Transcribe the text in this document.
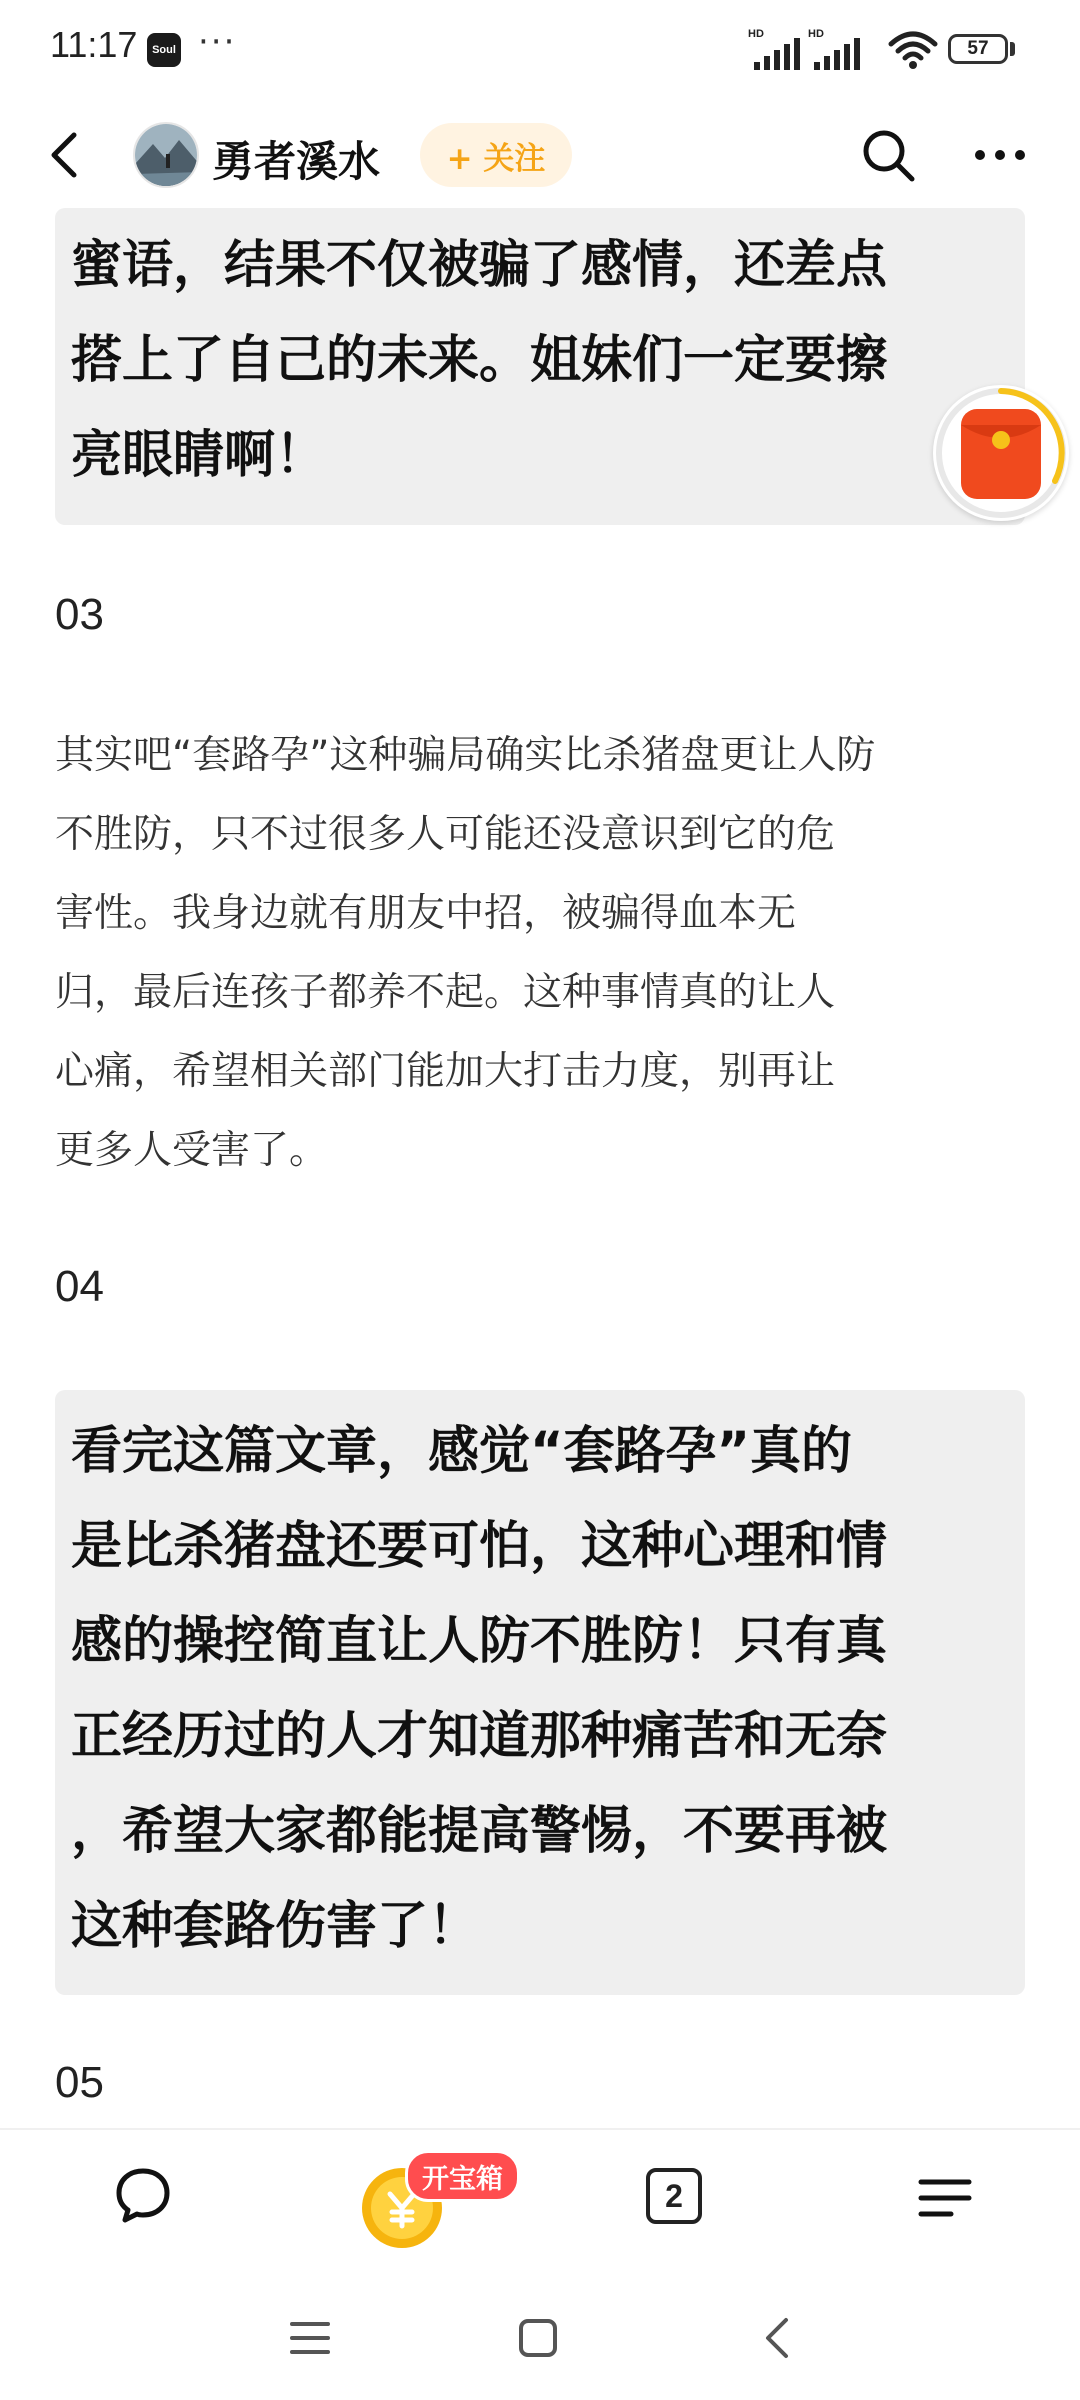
11:17	Soul ···	HD	HD
57
勇者溪水	+ 关注

蜜语，结果不仅被骗了感情，还差点

搭上了自己的未来。姐妹们一定要擦

亮眼睛啊！

03
其实吧“套路孕”这种骗局确实比杀猪盘更让人防
不胜防，只不过很多人可能还没意识到它的危
害性。我身边就有朋友中招，被骗得血本无
归，最后连孩子都养不起。这种事情真的让人
心痛，希望相关部门能加大打击力度，别再让
更多人受害了。
04

看完这篇文章，感觉“套路孕”真的

是比杀猪盘还要可怕，这种心理和情

感的操控简直让人防不胜防！只有真

正经历过的人才知道那种痛苦和无奈

，希望大家都能提高警惕，不要再被

这种套路伤害了！

05
开宝箱	2
